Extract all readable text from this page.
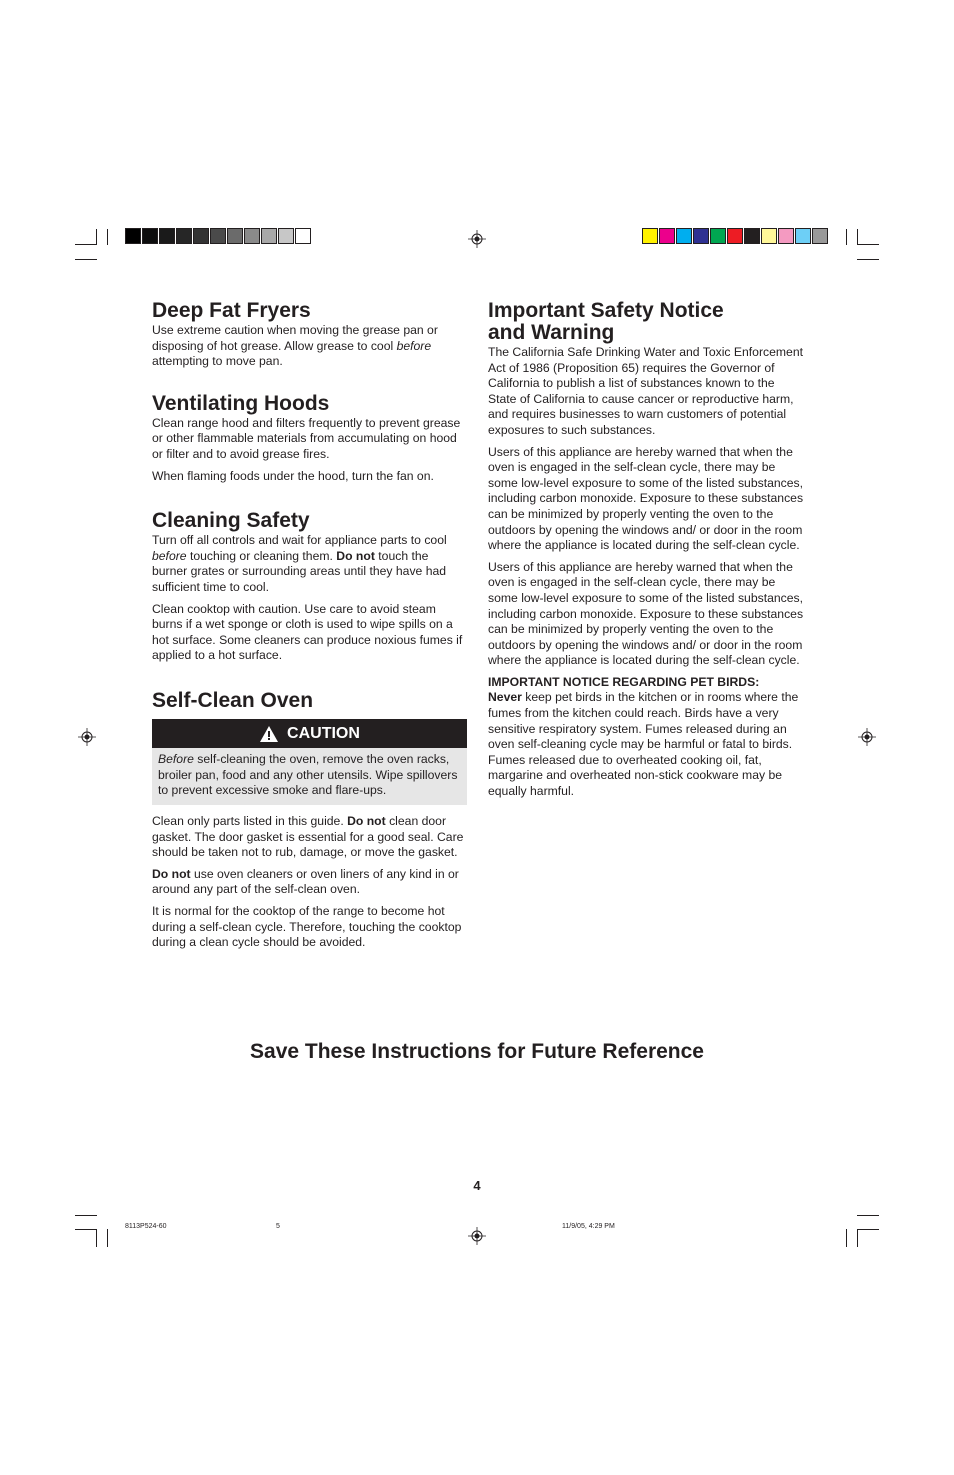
Deep Fat Fryers

Use extreme caution when moving the grease pan or disposing of hot grease. Allow grease to cool before attempting to move pan.

Ventilating Hoods

Clean range hood and filters frequently to prevent grease or other flammable materials from accumulating on hood or filter and to avoid grease fires.

When flaming foods under the hood, turn the fan on.

Cleaning Safety

Turn off all controls and wait for appliance parts to cool before touching or cleaning them. Do not touch the burner grates or surrounding areas until they have had sufficient time to cool.

Clean cooktop with caution. Use care to avoid steam burns if a wet sponge or cloth is used to wipe spills on a hot surface. Some cleaners can produce noxious fumes if applied to a hot surface.

Self-Clean Oven
CAUTION

Before self-cleaning the oven, remove the oven racks, broiler pan, food and any other utensils. Wipe spillovers to prevent excessive smoke and flare-ups.

Clean only parts listed in this guide. Do not clean door gasket. The door gasket is essential for a good seal. Care should be taken not to rub, damage, or move the gasket.

Do not use oven cleaners or oven liners of any kind in or around any part of the self-clean oven.

It is normal for the cooktop of the range to become hot during a self-clean cycle. Therefore, touching the cooktop during a clean cycle should be avoided.

Important Safety Notice
and Warning

The California Safe Drinking Water and Toxic Enforcement Act of 1986 (Proposition 65) requires the Governor of California to publish a list of substances known to the State of California to cause cancer or reproductive harm, and requires businesses to warn customers of potential exposures to such substances.

Users of this appliance are hereby warned that when the oven is engaged in the self-clean cycle, there may be some low-level exposure to some of the listed substances, including carbon monoxide. Exposure to these substances can be minimized by properly venting the oven to the outdoors by opening the windows and/ or door in the room where the appliance is located during the self-clean cycle.

Users of this appliance are hereby warned that when the oven is engaged in the self-clean cycle, there may be some low-level exposure to some of the listed substances, including carbon monoxide. Exposure to these substances can be minimized by properly venting the oven to the outdoors by opening the windows and/ or door in the room where the appliance is located during the self-clean cycle.

IMPORTANT NOTICE REGARDING PET BIRDS:

Never keep pet birds in the kitchen or in rooms where the fumes from the kitchen could reach. Birds have a very sensitive respiratory system. Fumes released during an oven self-cleaning cycle may be harmful or fatal to birds. Fumes released due to overheated cooking oil, fat, margarine and overheated non-stick cookware may be equally harmful.

Save These Instructions for Future Reference
4
8113P524-60	5	11/9/05, 4:29 PM
